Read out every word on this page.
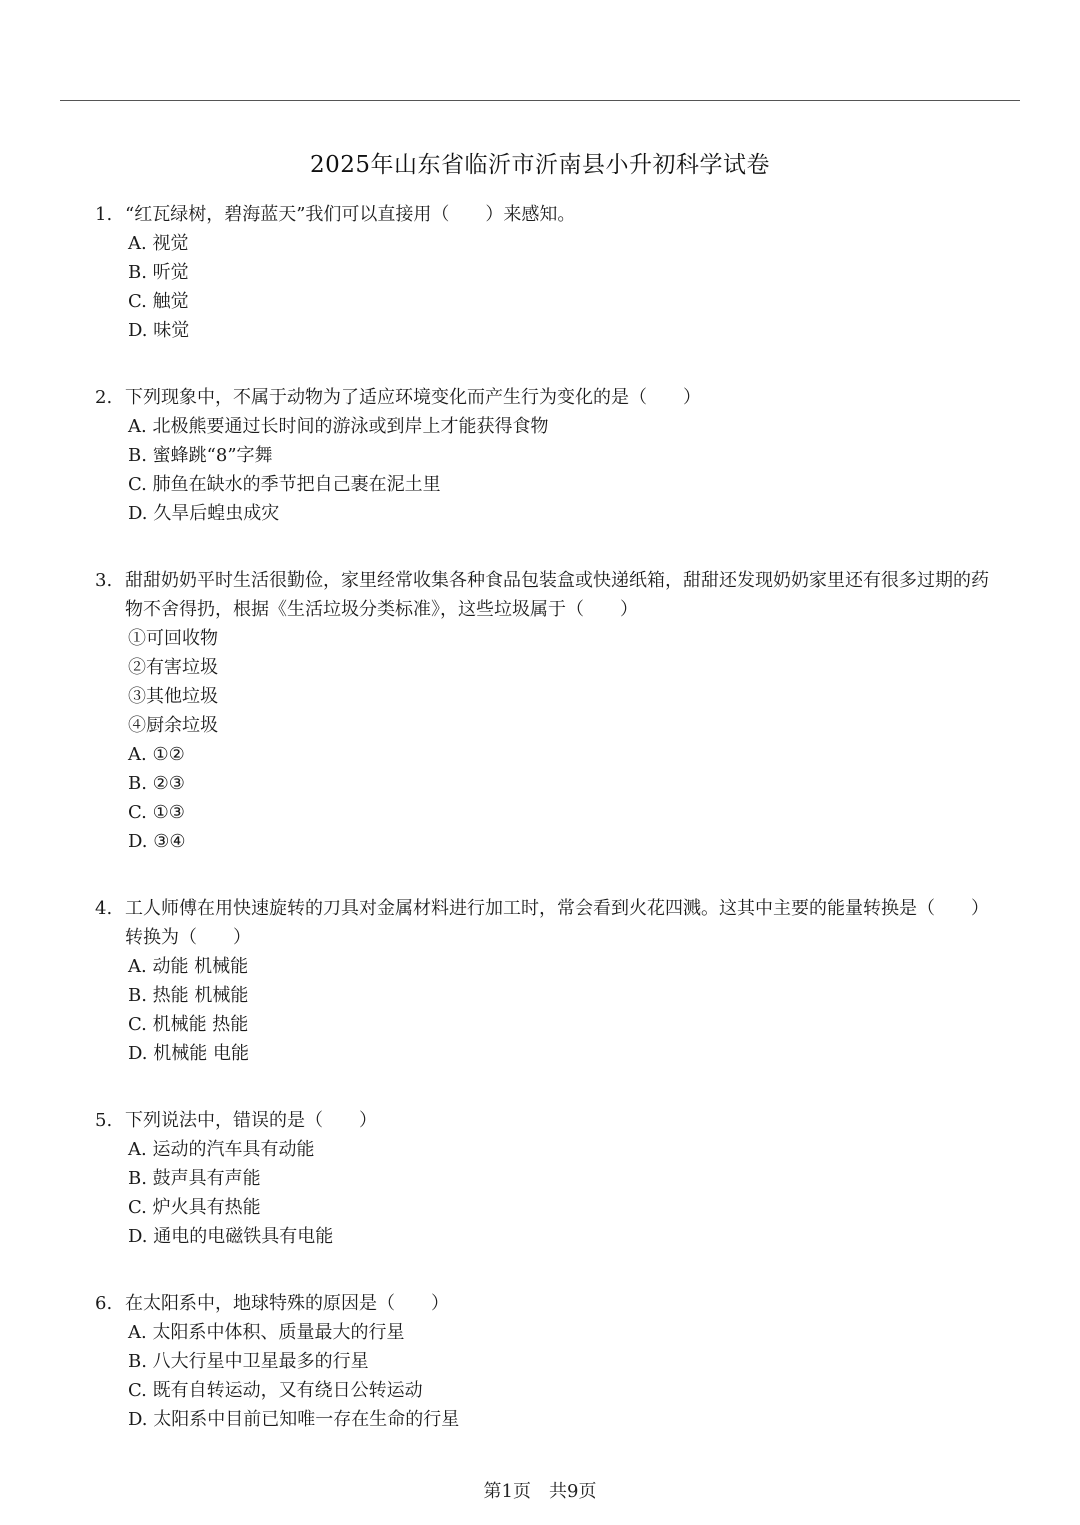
2025年山东省临沂市沂南县小升初科学试卷
1. “红瓦绿树，碧海蓝天”我们可以直接用（　　）来感知。
A. 视觉
B. 听觉
C. 触觉
D. 味觉
2. 下列现象中，不属于动物为了适应环境变化而产生行为变化的是（　　）
A. 北极熊要通过长时间的游泳或到岸上才能获得食物
B. 蜜蜂跳“8”字舞
C. 肺鱼在缺水的季节把自己裹在泥土里
D. 久旱后蝗虫成灾
3. 甜甜奶奶平时生活很勤俭，家里经常收集各种食品包装盒或快递纸箱，甜甜还发现奶奶家里还有很多过期的药
物不舍得扔，根据《生活垃圾分类标准》，这些垃圾属于（　　）
①可回收物
②有害垃圾
③其他垃圾
④厨余垃圾
A. ①②
B. ②③
C. ①③
D. ③④
4. 工人师傅在用快速旋转的刀具对金属材料进行加工时，常会看到火花四溅。这其中主要的能量转换是（　　）
转换为（　　）
A. 动能 机械能
B. 热能 机械能
C. 机械能 热能
D. 机械能 电能
5. 下列说法中，错误的是（　　）
A. 运动的汽车具有动能
B. 鼓声具有声能
C. 炉火具有热能
D. 通电的电磁铁具有电能
6. 在太阳系中，地球特殊的原因是（　　）
A. 太阳系中体积、质量最大的行星
B. 八大行星中卫星最多的行星
C. 既有自转运动，又有绕日公转运动
D. 太阳系中目前已知唯一存在生命的行星
第1页　共9页
